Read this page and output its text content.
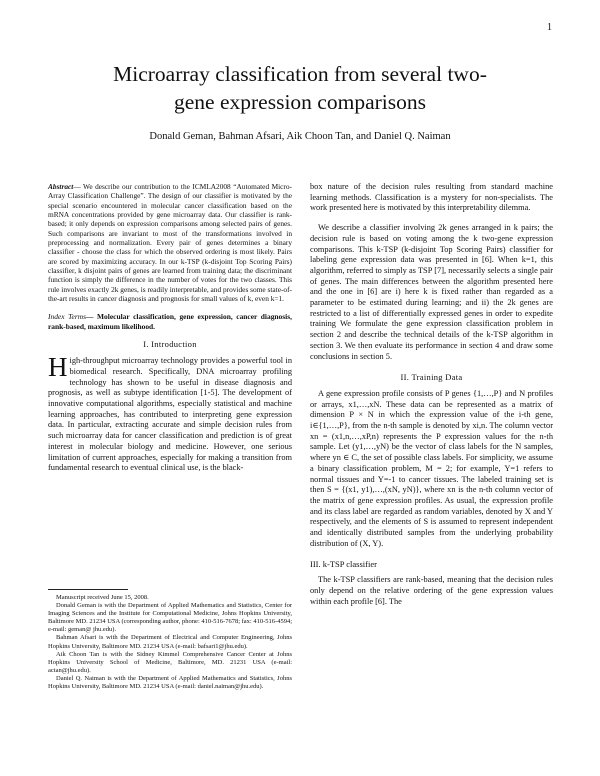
1
Microarray classification from several two-
gene expression comparisons
Donald Geman, Bahman Afsari, Aik Choon Tan, and Daniel Q. Naiman

Abstract— We describe our contribution to the ICMLA2008 “Automated Micro-Array Classification Challenge”. The design of our classifier is motivated by the special scenario encountered in molecular cancer classification based on the mRNA concentrations provided by gene microarray data. Our classifier is rank-based; it only depends on expression comparisons among selected pairs of genes. Such comparisons are invariant to most of the transformations involved in preprocessing and normalization. Every pair of genes determines a binary classifier - choose the class for which the observed ordering is most likely. Pairs are scored by maximizing accuracy. In our k-TSP (k-disjoint Top Scoring Pairs) classifier, k disjoint pairs of genes are learned from training data; the discriminant function is simply the difference in the number of votes for the two classes. This rule involves exactly 2k genes, is readily interpretable, and provides some state-of-the-art results in cancer diagnosis and prognosis for small values of k, even k=1.

Index Terms— Molecular classification, gene expression, cancer diagnosis, rank-based, maximum likelihood.
I. Introduction

High-throughput microarray technology provides a powerful tool in biomedical research. Specifically, DNA microarray profiling technology has shown to be useful in disease diagnosis and prognosis, as well as subtype identification [1-5]. The development of innovative computational algorithms, especially statistical and machine learning approaches, has contributed to interpreting gene expression data. In particular, extracting accurate and simple decision rules from such microarray data for cancer classification and prediction is of great interest in molecular biology and medicine. However, one serious limitation of current approaches, especially for making a transition from fundamental research to eventual clinical use, is the black-

Manuscript received June 15, 2008.

Donald Geman is with the Department of Applied Mathematics and Statistics, Center for Imaging Sciences and the Institute for Computational Medicine, Johns Hopkins University, Baltimore MD. 21234 USA (corresponding author, phone: 410-516-7678; fax: 410-516-4594; e-mail: geman@ jhu.edu).

Bahman Afsari is with the Department of Electrical and Computer Engineering, Johns Hopkins University, Baltimore MD. 21234 USA (e-mail: bafsari1@jhu.edu).

Aik Choon Tan is with the Sidney Kimmel Comprehensive Cancer Center at Johns Hopkins University School of Medicine, Baltimore, MD. 21231 USA (e-mail: actan@jhu.edu).

Daniel Q. Naiman is with the Department of Applied Mathematics and Statistics, Johns Hopkins University, Baltimore MD. 21234 USA (e-mail: daniel.naiman@jhu.edu).

box nature of the decision rules resulting from standard machine learning methods. Classification is a mystery for non-specialists. The work presented here is motivated by this interpretability dilemma.

We describe a classifier involving 2k genes arranged in k pairs; the decision rule is based on voting among the k two-gene expression comparisons. This k-TSP (k-disjoint Top Scoring Pairs) classifier for labeling gene expression data was presented in [6]. When k=1, this algorithm, referred to simply as TSP [7], necessarily selects a single pair of genes. The main differences between the algorithm presented here and the one in [6] are i) here k is fixed rather than regarded as a parameter to be estimated during learning; and ii) the 2k genes are restricted to a list of differentially expressed genes in order to expedite training We formulate the gene expression classification problem in section 2 and describe the technical details of the k-TSP algorithm in section 3. We then evaluate its performance in section 4 and draw some conclusions in section 5.

II. Training Data

A gene expression profile consists of P genes {1,…,P} and N profiles or arrays, x1,…,xN. These data can be represented as a matrix of dimension P × N in which the expression value of the i-th gene, i∈{1,…,P}, from the n-th sample is denoted by xi,n. The column vector xn = (x1,n,…,xP,n) represents the P expression values for the n-th sample. Let (y1,…,yN) be the vector of class labels for the N samples, where yn ∈ C, the set of possible class labels. For simplicity, we assume a binary classification problem, M = 2; for example, Y=1 refers to normal tissues and Y=-1 to cancer tissues. The labeled training set is then S = {(x1, y1),…,(xN, yN)}, where xn is the n-th column vector of the matrix of gene expression profiles. As usual, the expression profile and its class label are regarded as random variables, denoted by X and Y respectively, and the elements of S is assumed to represent independent and identically distributed samples from the underlying probability distribution of (X, Y).

III. k-TSP classifier

The k-TSP classifiers are rank-based, meaning that the decision rules only depend on the relative ordering of the gene expression values within each profile [6]. The
